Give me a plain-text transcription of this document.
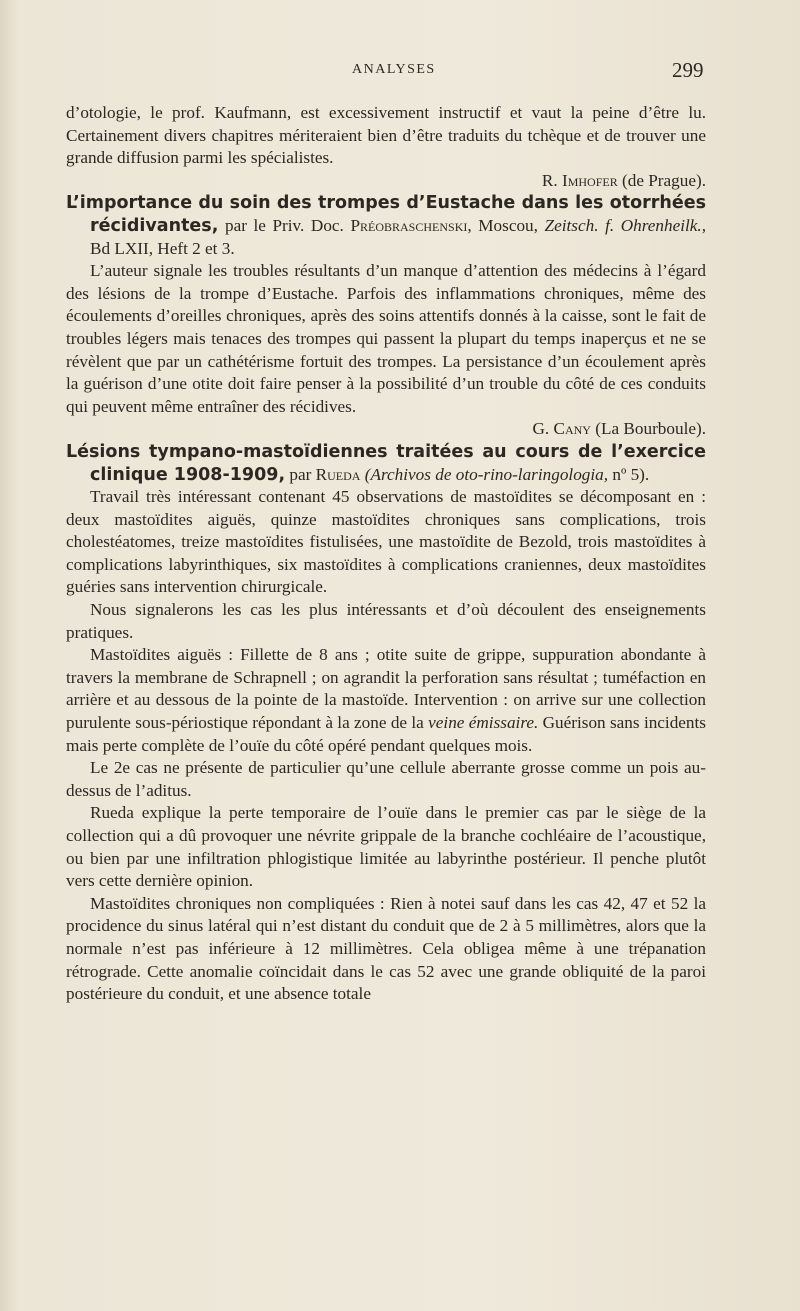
ANALYSES	299

d’otologie, le prof. Kaufmann, est excessivement instructif et vaut la peine d’être lu. Certainement divers chapitres méritera​ient bien d’être traduits du tchèque et de trouver une grande diffusion parmi les spécialistes.

R. Imhofer (de Prague).

L’importance du soin des trompes d’Eustache dans les otorrhées récidivantes, par le Priv. Doc. Préobraschenski, Moscou, Zeitsch. f. Ohrenheilk., Bd LXII, Heft 2 et 3.

L’auteur signale les troubles résultants d’un manque d’attention des médecins à l’égard des lésions de la trompe d’Eustache. Parfois des inflammations chroniques, même des écoulements d’oreilles chroniques, après des soins attentifs donnés à la caisse, sont le fait de troubles légers mais tenaces des trompes qui passent la plupart du temps inaperçus et ne se révèlent que par un cathétérisme fortuit des trompes. La persistance d’un écoulement après la guérison d’une otite doit faire penser à la possibilité d’un trouble du côté de ces conduits qui peuvent même entraîner des récidives.

G. Cany (La Bourboule).

Lésions tympano-mastoïdiennes traitées au cours de l’exercice clinique 1908-1909, par Rueda (Archivos de oto-rino-laringologia, nº 5).

Travail très intéressant contenant 45 observations de mastoïdites se décomposant en : deux mastoïdites aiguës, quinze mastoïdites chroniques sans complications, trois cholestéatomes, treize mastoïdites fistulisées, une mastoïdite de Bezold, trois mastoïdites à complications labyrinthiques, six mastoïdites à complications craniennes, deux mastoïdites guéries sans intervention chirurgicale.

Nous signalerons les cas les plus intéressants et d’où découlent des enseignements pratiques.

Mastoïdites aiguës : Fillette de 8 ans ; otite suite de grippe, suppuration abondante à travers la membrane de Schrapnell ; on agrandit la perforation sans résultat ; tuméfaction en arrière et au dessous de la pointe de la mastoïde. Intervention : on arrive sur une collection purulente sous-périostique répondant à la zone de la veine émissaire. Guérison sans incidents mais perte complète de l’ouïe du côté opéré pendant quelques mois.

Le 2e cas ne présente de particulier qu’une cellule aberrante grosse comme un pois au-dessus de l’aditus.

Rueda explique la perte temporaire de l’ouïe dans le premier cas par le siège de la collection qui a dû provoquer une névrite grippale de la branche cochléaire de l’acoustique, ou bien par une infiltration phlogistique limitée au labyrinthe postérieur. Il penche plutôt vers cette dernière opinion.

Mastoïdites chroniques non compliquées : Rien à notei sauf dans les cas 42, 47 et 52 la procidence du sinus latéral qui n’est distant du conduit que de 2 à 5 millimètres, alors que la normale n’est pas inférieure à 12 millimètres. Cela obligea même à une trépanation rétrograde. Cette anomalie coïncidait dans le cas 52 avec une grande obliquité de la paroi postérieure du conduit, et une absence totale
